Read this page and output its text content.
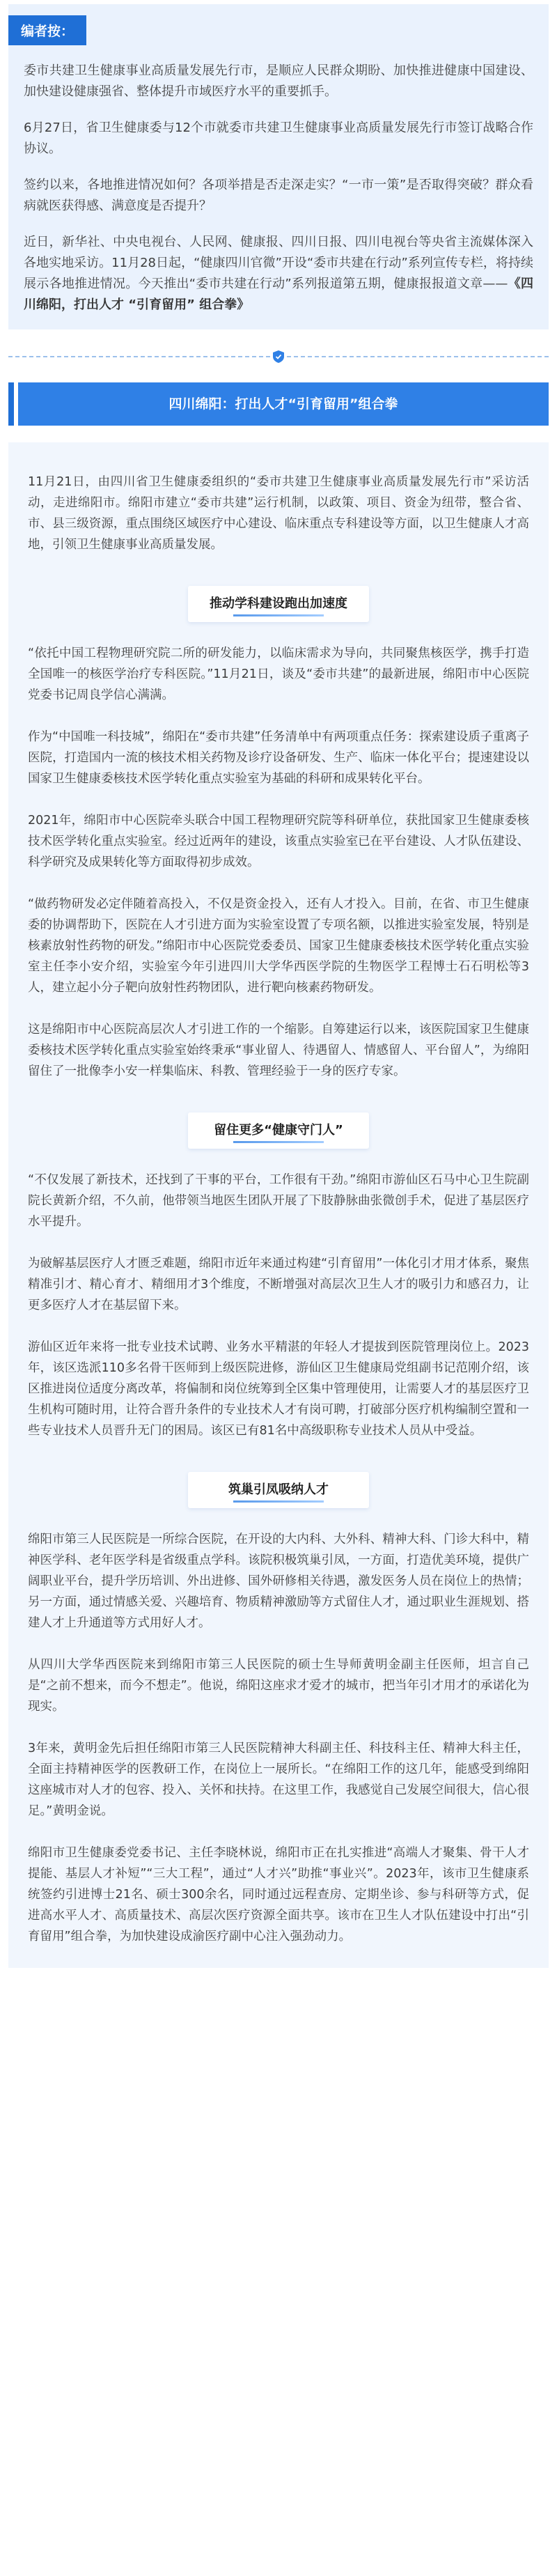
编者按：

委市共建卫生健康事业高质量发展先行市，是顺应人民群众期盼、加快推进健康中国建设、加快建设健康强省、整体提升市域医疗水平的重要抓手。

6月27日，省卫生健康委与12个市就委市共建卫生健康事业高质量发展先行市签订战略合作协议。

签约以来，各地推进情况如何？各项举措是否走深走实？“一市一策”是否取得突破？群众看病就医获得感、满意度是否提升？

近日，新华社、中央电视台、人民网、健康报、四川日报、四川电视台等央省主流媒体深入各地实地采访。11月28日起，“健康四川官微”开设“委市共建在行动”系列宣传专栏，将持续展示各地推进情况。今天推出“委市共建在行动”系列报道第五期，健康报报道文章——《四川绵阳，打出人才 “引育留用” 组合拳》

四川绵阳：打出人才“引育留用”组合拳

11月21日，由四川省卫生健康委组织的“委市共建卫生健康事业高质量发展先行市”采访活动，走进绵阳市。绵阳市建立“委市共建”运行机制，以政策、项目、资金为纽带，整合省、市、县三级资源，重点围绕区域医疗中心建设、临床重点专科建设等方面，以卫生健康人才高地，引领卫生健康事业高质量发展。

推动学科建设跑出加速度

“依托中国工程物理研究院二所的研发能力，以临床需求为导向，共同聚焦核医学，携手打造全国唯一的核医学治疗专科医院。”11月21日，谈及“委市共建”的最新进展，绵阳市中心医院党委书记周良学信心满满。

作为“中国唯一科技城”，绵阳在“委市共建”任务清单中有两项重点任务：探索建设质子重离子医院，打造国内一流的核技术相关药物及诊疗设备研发、生产、临床一体化平台；提速建设以国家卫生健康委核技术医学转化重点实验室为基础的科研和成果转化平台。

2021年，绵阳市中心医院牵头联合中国工程物理研究院等科研单位，获批国家卫生健康委核技术医学转化重点实验室。经过近两年的建设，该重点实验室已在平台建设、人才队伍建设、科学研究及成果转化等方面取得初步成效。

“做药物研发必定伴随着高投入，不仅是资金投入，还有人才投入。目前，在省、市卫生健康委的协调帮助下，医院在人才引进方面为实验室设置了专项名额，以推进实验室发展，特别是核素放射性药物的研发。”绵阳市中心医院党委委员、国家卫生健康委核技术医学转化重点实验室主任李小安介绍，实验室今年引进四川大学华西医学院的生物医学工程博士石石明松等3人，建立起小分子靶向放射性药物团队，进行靶向核素药物研发。

这是绵阳市中心医院高层次人才引进工作的一个缩影。自筹建运行以来，该医院国家卫生健康委核技术医学转化重点实验室始终秉承“事业留人、待遇留人、情感留人、平台留人”，为绵阳留住了一批像李小安一样集临床、科教、管理经验于一身的医疗专家。

留住更多“健康守门人”

“不仅发展了新技术，还找到了干事的平台，工作很有干劲。”绵阳市游仙区石马中心卫生院副院长黄新介绍，不久前，他带领当地医生团队开展了下肢静脉曲张微创手术，促进了基层医疗水平提升。

为破解基层医疗人才匮乏难题，绵阳市近年来通过构建“引育留用”一体化引才用才体系，聚焦精准引才、精心育才、精细用才3个维度，不断增强对高层次卫生人才的吸引力和感召力，让更多医疗人才在基层留下来。

游仙区近年来将一批专业技术试聘、业务水平精湛的年轻人才提拔到医院管理岗位上。2023年，该区选派110多名骨干医师到上级医院进修，游仙区卫生健康局党组副书记范刚介绍，该区推进岗位适度分离改革，将偏制和岗位统筹到全区集中管理使用，让需要人才的基层医疗卫生机构可随时用，让符合晋升条件的专业技术人才有岗可聘，打破部分医疗机构编制空置和一些专业技术人员晋升无门的困局。该区已有81名中高级职称专业技术人员从中受益。

筑巢引凤吸纳人才

绵阳市第三人民医院是一所综合医院，在开设的大内科、大外科、精神大科、门诊大科中，精神医学科、老年医学科是省级重点学科。该院积极筑巢引凤，一方面，打造优美环境，提供广阔职业平台，提升学历培训、外出进修、国外研修相关待遇，激发医务人员在岗位上的热情；另一方面，通过情感关爱、兴趣培育、物质精神激励等方式留住人才，通过职业生涯规划、搭建人才上升通道等方式用好人才。

从四川大学华西医院来到绵阳市第三人民医院的硕士生导师黄明金副主任医师，坦言自己是“之前不想来，而今不想走”。他说，绵阳这座求才爱才的城市，把当年引才用才的承诺化为现实。

3年来，黄明金先后担任绵阳市第三人民医院精神大科副主任、科技科主任、精神大科主任，全面主持精神医学的医教研工作，在岗位上一展所长。“在绵阳工作的这几年，能感受到绵阳这座城市对人才的包容、投入、关怀和扶持。在这里工作，我感觉自己发展空间很大，信心很足。”黄明金说。

绵阳市卫生健康委党委书记、主任李晓林说，绵阳市正在扎实推进“高端人才聚集、骨干人才提能、基层人才补短”“三大工程”，通过“人才兴”助推“事业兴”。2023年，该市卫生健康系统签约引进博士21名、硕士300余名，同时通过远程查房、定期坐诊、参与科研等方式，促进高水平人才、高质量技术、高层次医疗资源全面共享。该市在卫生人才队伍建设中打出“引育留用”组合拳，为加快建设成渝医疗副中心注入强劲动力。
